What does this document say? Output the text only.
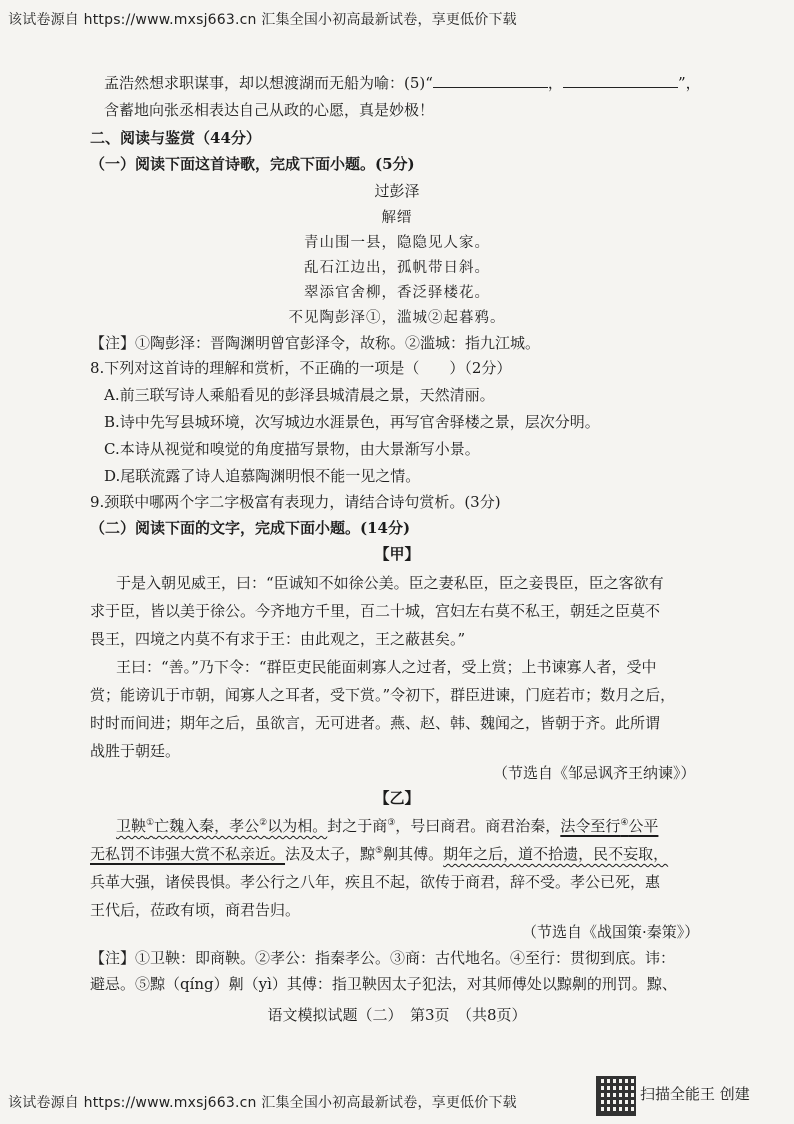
该试卷源自 https://www.mxsj663.cn 汇集全国小初高最新试卷，享更低价下载
孟浩然想求职谋事，却以想渡湖而无船为喻：(5)“	，	”，
含蓄地向张丞相表达自己从政的心愿，真是妙极！
二、阅读与鉴赏（44分）
（一）阅读下面这首诗歌，完成下面小题。(5分)
过彭泽
解缙
青山围一县，隐隐见人家。
乱石江边出，孤帆带日斜。
翠添官舍柳，香泛驿楼花。
不见陶彭泽①，滥城②起暮鸦。
【注】①陶彭泽：晋陶渊明曾官彭泽令，故称。②滥城：指九江城。
8.下列对这首诗的理解和赏析，不正确的一项是（　　）（2分）
A.前三联写诗人乘船看见的彭泽县城清晨之景，天然清丽。
B.诗中先写县城环境，次写城边水涯景色，再写官舍驿楼之景，层次分明。
C.本诗从视觉和嗅觉的角度描写景物，由大景渐写小景。
D.尾联流露了诗人追慕陶渊明恨不能一见之情。
9.颈联中哪两个字二字极富有表现力，请结合诗句赏析。(3分)
（二）阅读下面的文字，完成下面小题。(14分)
【甲】
于是入朝见威王，曰：“臣诚知不如徐公美。臣之妻私臣，臣之妾畏臣，臣之客欲有
求于臣，皆以美于徐公。今齐地方千里，百二十城，宫妇左右莫不私王，朝廷之臣莫不
畏王，四境之内莫不有求于王：由此观之，王之蔽甚矣。”
王曰：“善。”乃下令：“群臣吏民能面刺寡人之过者，受上赏；上书谏寡人者，受中
赏；能谤讥于市朝，闻寡人之耳者，受下赏。”令初下，群臣进谏，门庭若市；数月之后，
时时而间进；期年之后，虽欲言，无可进者。燕、赵、韩、魏闻之，皆朝于齐。此所谓
战胜于朝廷。
（节选自《邹忌讽齐王纳谏》）
【乙】
卫鞅①亡魏入秦，孝公②以为相。封之于商③，号曰商君。商君治秦，法令至行④公平
无私罚不讳强大赏不私亲近。法及太子，黥⑤劓其傅。期年之后，道不拾遗，民不妄取，
兵革大强，诸侯畏惧。孝公行之八年，疾且不起，欲传于商君，辞不受。孝公已死，惠
王代后，莅政有顷，商君告归。
（节选自《战国策·秦策》）
【注】①卫鞅：即商鞅。②孝公：指秦孝公。③商：古代地名。④至行：贯彻到底。讳：
避忌。⑤黥（qíng）劓（yì）其傅：指卫鞅因太子犯法，对其师傅处以黥劓的刑罚。黥、
语文模拟试题（二）　第3页　（共8页）
该试卷源自 https://www.mxsj663.cn 汇集全国小初高最新试卷，享更低价下载	扫描全能王 创建
